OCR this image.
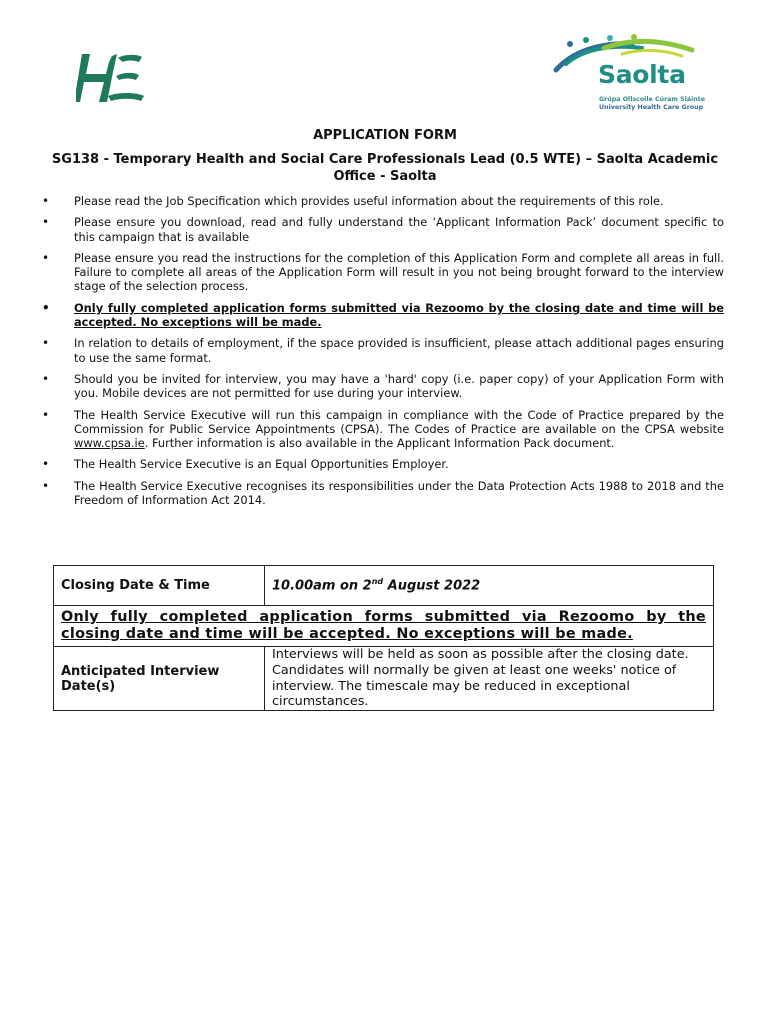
Saolta
Grúpa Ollscoile Cúram Sláinte
University Health Care Group
APPLICATION FORM
SG138 - Temporary Health and Social Care Professionals Lead (0.5 WTE) – Saolta Academic Office - Saolta
• Please read the Job Specification which provides useful information about the requirements of this role.
• Please ensure you download, read and fully understand the ‘Applicant Information Pack’ document specific to this campaign that is available
• Please ensure you read the instructions for the completion of this Application Form and complete all areas in full. Failure to complete all areas of the Application Form will result in you not being brought forward to the interview stage of the selection process.
• Only fully completed application forms submitted via Rezoomo by the closing date and time will be accepted. No exceptions will be made.
• In relation to details of employment, if the space provided is insufficient, please attach additional pages ensuring to use the same format.
• Should you be invited for interview, you may have a 'hard' copy (i.e. paper copy) of your Application Form with you. Mobile devices are not permitted for use during your interview.
• The Health Service Executive will run this campaign in compliance with the Code of Practice prepared by the Commission for Public Service Appointments (CPSA). The Codes of Practice are available on the CPSA website www.cpsa.ie. Further information is also available in the Applicant Information Pack document.
• The Health Service Executive is an Equal Opportunities Employer.
• The Health Service Executive recognises its responsibilities under the Data Protection Acts 1988 to 2018 and the Freedom of Information Act 2014.
Closing Date & Time	10.00am on 2nd August 2022
Only fully completed application forms submitted via Rezoomo by the closing date and time will be accepted. No exceptions will be made.	
Anticipated Interview Date(s)	Interviews will be held as soon as possible after the closing date. Candidates will normally be given at least one weeks' notice of interview. The timescale may be reduced in exceptional circumstances.
